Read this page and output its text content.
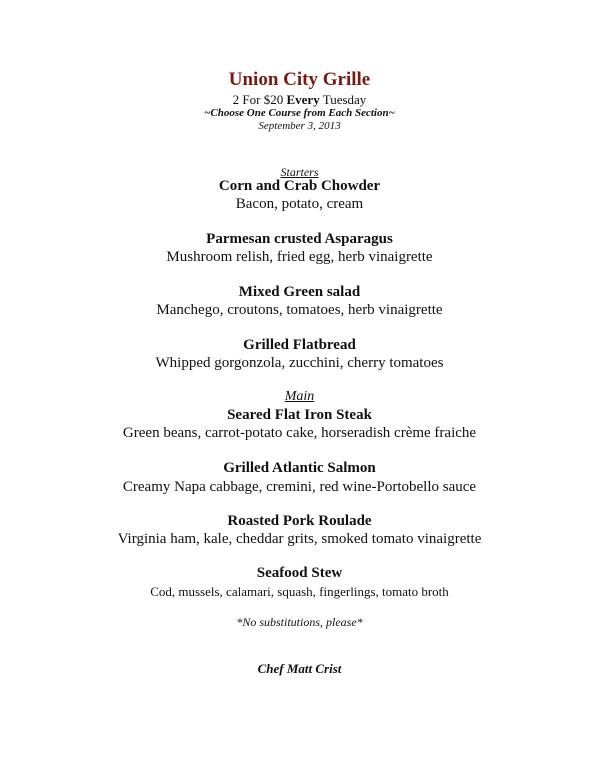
Union City Grille
2 For $20 Every Tuesday
~Choose One Course from Each Section~
September 3, 2013
Starters
Corn and Crab Chowder
Bacon, potato, cream
Parmesan crusted Asparagus
Mushroom relish, fried egg, herb vinaigrette
Mixed Green salad
Manchego, croutons, tomatoes, herb vinaigrette
Grilled Flatbread
Whipped gorgonzola, zucchini, cherry tomatoes
Main
Seared Flat Iron Steak
Green beans, carrot-potato cake, horseradish crème fraiche
Grilled Atlantic Salmon
Creamy Napa cabbage, cremini, red wine-Portobello sauce
Roasted Pork Roulade
Virginia ham, kale, cheddar grits, smoked tomato vinaigrette
Seafood Stew
Cod, mussels, calamari, squash, fingerlings, tomato broth
*No substitutions, please*
Chef Matt Crist
